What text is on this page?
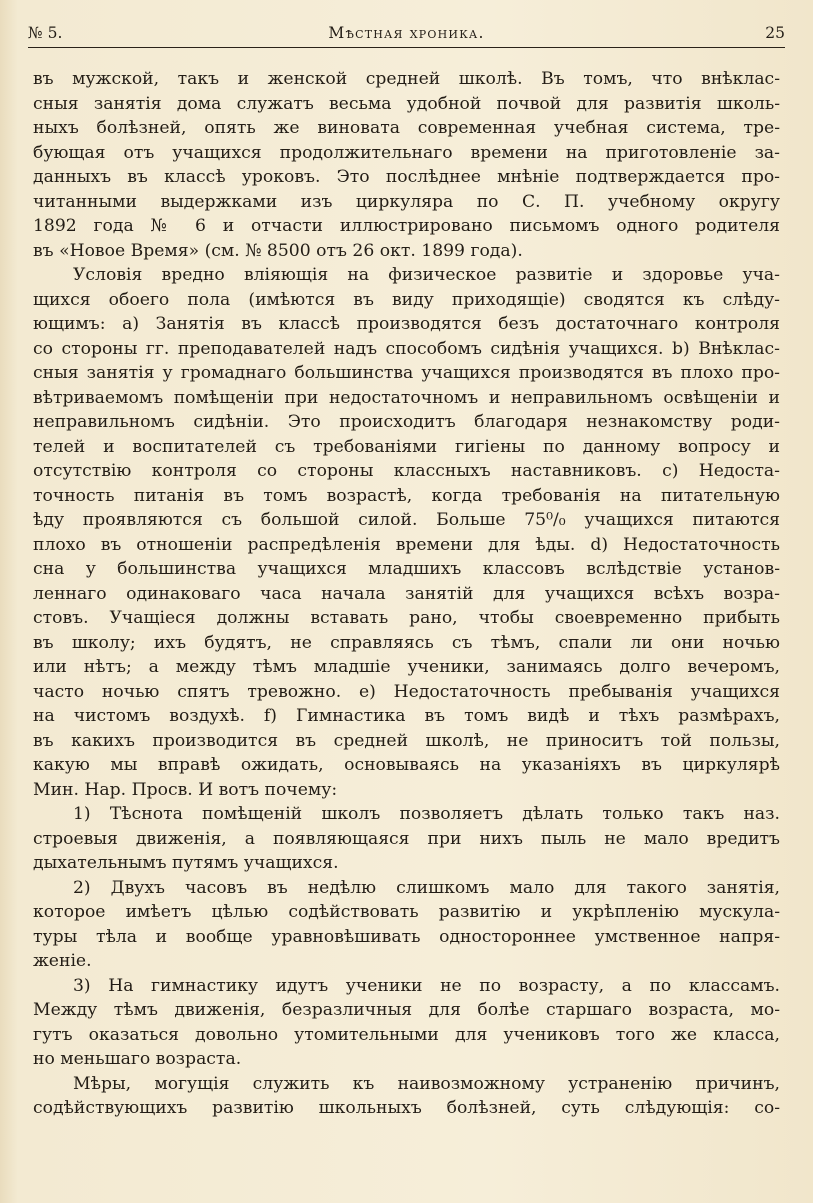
№ 5.	Мѣстная хроника.	25
въ мужской, такъ и женской средней школѣ. Въ томъ, что внѣклас-
сныя занятія дома служатъ весьма удобной почвой для развитія школь-
ныхъ болѣзней, опять же виновата современная учебная система, тре-
бующая отъ учащихся продолжительнаго времени на приготовленіе за-
данныхъ въ классѣ уроковъ. Это послѣднее мнѣніе подтверждается про-
читанными выдержками изъ циркуляра по С. П. учебному округу
1892 года № 6 и отчасти иллюстрировано письмомъ одного родителя
въ «Новое Время» (см. № 8500 отъ 26 окт. 1899 года).
Условія вредно вліяющія на физическое развитіе и здоровье уча-
щихся обоего пола (имѣются въ виду приходящіе) сводятся къ слѣду-
ющимъ: a) Занятія въ классѣ производятся безъ достаточнаго контроля
со стороны гг. преподавателей надъ способомъ сидѣнія учащихся. b) Внѣклас-
сныя занятія у громаднаго большинства учащихся производятся въ плохо про-
вѣтриваемомъ помѣщеніи при недостаточномъ и неправильномъ освѣщеніи и
неправильномъ сидѣніи. Это происходитъ благодаря незнакомству роди-
телей и воспитателей съ требованіями гигіены по данному вопросу и
отсутствію контроля со стороны классныхъ наставниковъ. c) Недоста-
точность питанія въ томъ возрастѣ, когда требованія на питательную
ѣду проявляются съ большой силой. Больше 75⁰/₀ учащихся питаются
плохо въ отношеніи распредѣленія времени для ѣды. d) Недостаточность
сна у большинства учащихся младшихъ классовъ вслѣдствіе установ-
леннаго одинаковаго часа начала занятій для учащихся всѣхъ возра-
стовъ. Учащіеся должны вставать рано, чтобы своевременно прибыть
въ школу; ихъ будятъ, не справляясь съ тѣмъ, спали ли они ночью
или нѣтъ; а между тѣмъ младшіе ученики, занимаясь долго вечеромъ,
часто ночью спятъ тревожно. e) Недостаточность пребыванія учащихся
на чистомъ воздухѣ. f) Гимнастика въ томъ видѣ и тѣхъ размѣрахъ,
въ какихъ производится въ средней школѣ, не приноситъ той пользы,
какую мы вправѣ ожидать, основываясь на указаніяхъ въ циркулярѣ
Мин. Нар. Просв. И вотъ почему:
1) Тѣснота помѣщеній школъ позволяетъ дѣлать только такъ наз.
строевыя движенія, а появляющаяся при нихъ пыль не мало вредитъ
дыхательнымъ путямъ учащихся.
2) Двухъ часовъ въ недѣлю слишкомъ мало для такого занятія,
которое имѣетъ цѣлью содѣйствовать развитію и укрѣпленію мускула-
туры тѣла и вообще уравновѣшивать одностороннее умственное напря-
женіе.
3) На гимнастику идутъ ученики не по возрасту, а по классамъ.
Между тѣмъ движенія, безразличныя для болѣе старшаго возраста, мо-
гутъ оказаться довольно утомительными для учениковъ того же класса,
но меньшаго возраста.
Мѣры, могущія служить къ наивозможному устраненію причинъ,
содѣйствующихъ развитію школьныхъ болѣзней, суть слѣдующія: со-
